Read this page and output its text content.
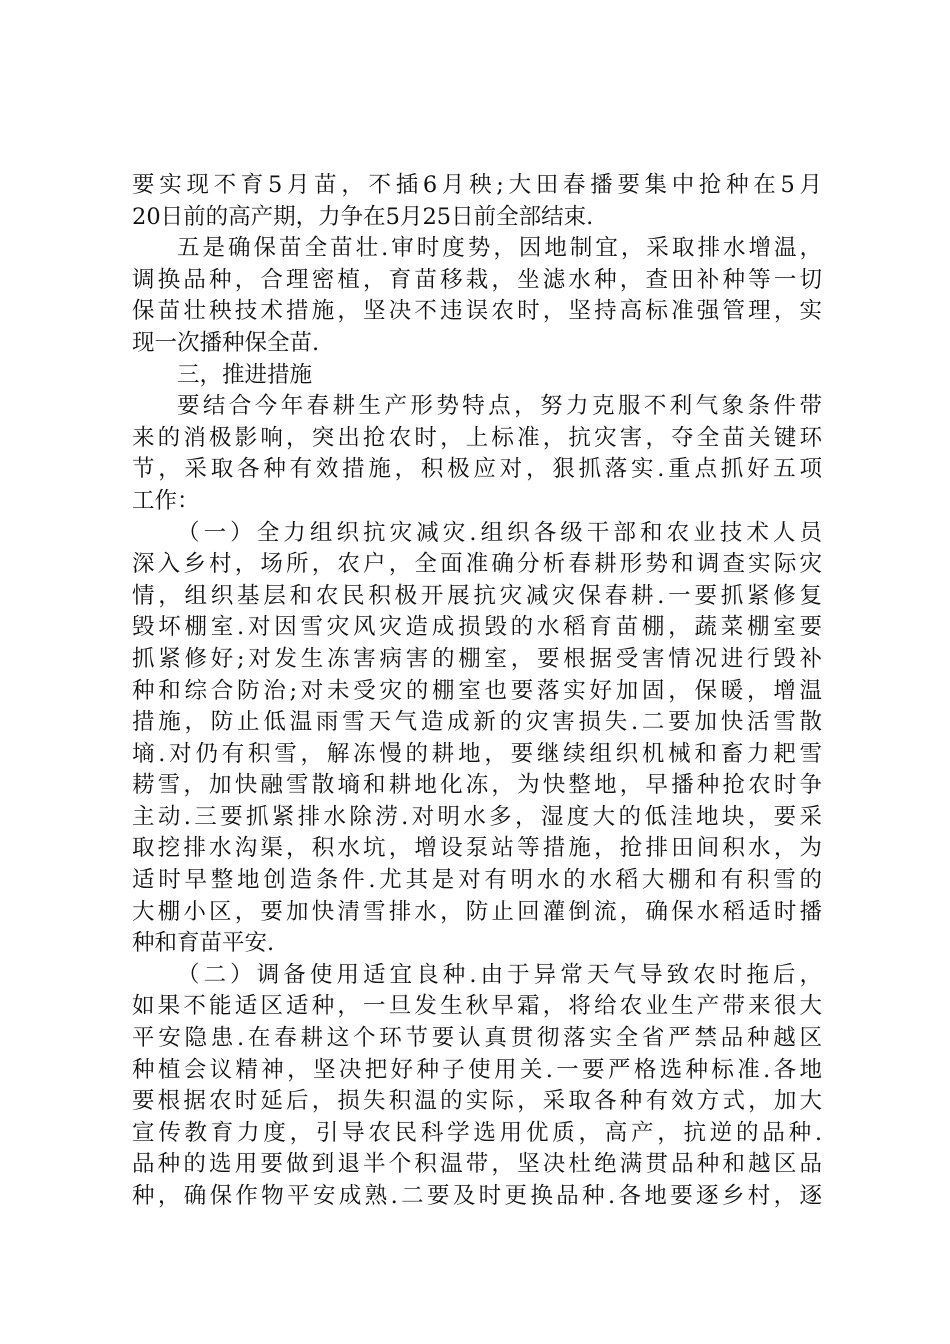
要实现不育5月苗，不插6月秧;大田春播要集中抢种在5月
20日前的高产期，力争在5月25日前全部结束.
五是确保苗全苗壮.审时度势，因地制宜，采取排水增温，
调换品种，合理密植，育苗移栽，坐滤水种，查田补种等一切
保苗壮秧技术措施，坚决不违误农时，坚持高标准强管理，实
现一次播种保全苗.
三，推进措施
要结合今年春耕生产形势特点，努力克服不利气象条件带
来的消极影响，突出抢农时，上标准，抗灾害，夺全苗关键环
节，采取各种有效措施，积极应对，狠抓落实.重点抓好五项
工作：
（一）全力组织抗灾减灾.组织各级干部和农业技术人员
深入乡村，场所，农户，全面准确分析春耕形势和调查实际灾
情，组织基层和农民积极开展抗灾减灾保春耕.一要抓紧修复
毁坏棚室.对因雪灾风灾造成损毁的水稻育苗棚，蔬菜棚室要
抓紧修好;对发生冻害病害的棚室，要根据受害情况进行毁补
种和综合防治;对未受灾的棚室也要落实好加固，保暖，增温
措施，防止低温雨雪天气造成新的灾害损失.二要加快活雪散
墒.对仍有积雪，解冻慢的耕地，要继续组织机械和畜力耙雪
耢雪，加快融雪散墒和耕地化冻，为快整地，早播种抢农时争
主动.三要抓紧排水除涝.对明水多，湿度大的低洼地块，要采
取挖排水沟渠，积水坑，增设泵站等措施，抢排田间积水，为
适时早整地创造条件.尤其是对有明水的水稻大棚和有积雪的
大棚小区，要加快清雪排水，防止回灌倒流，确保水稻适时播
种和育苗平安.
（二）调备使用适宜良种.由于异常天气导致农时拖后，
如果不能适区适种，一旦发生秋早霜，将给农业生产带来很大
平安隐患.在春耕这个环节要认真贯彻落实全省严禁品种越区
种植会议精神，坚决把好种子使用关.一要严格选种标准.各地
要根据农时延后，损失积温的实际，采取各种有效方式，加大
宣传教育力度，引导农民科学选用优质，高产，抗逆的品种.
品种的选用要做到退半个积温带，坚决杜绝满贯品种和越区品
种，确保作物平安成熟.二要及时更换品种.各地要逐乡村，逐
